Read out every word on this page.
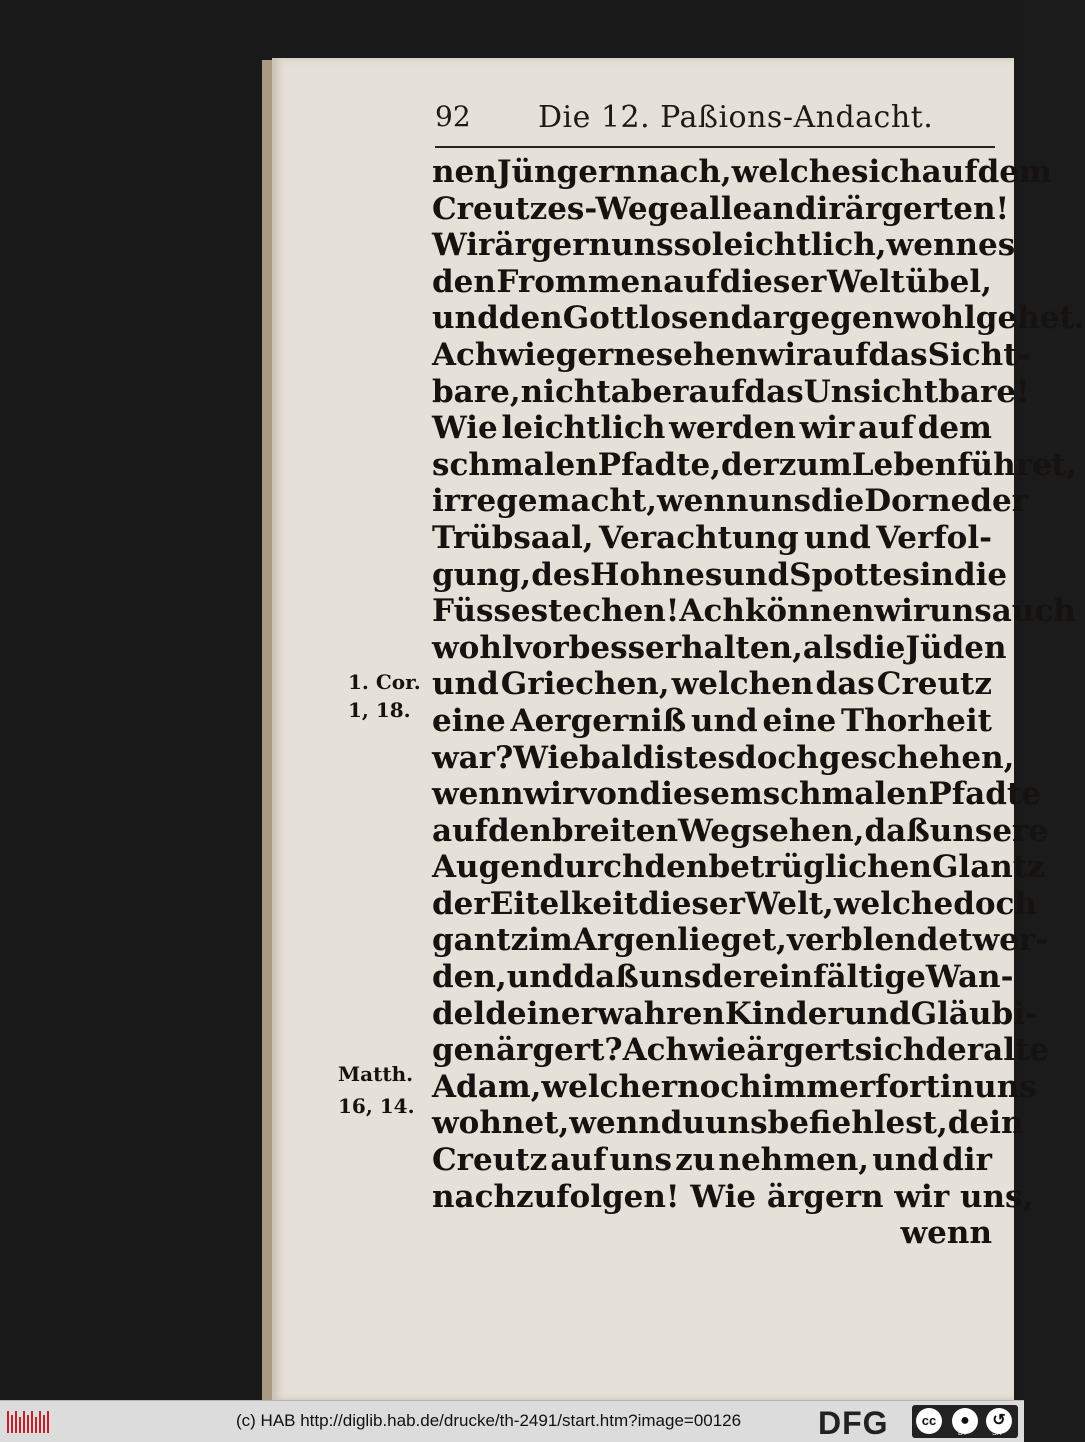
92 Die 12. Paßions-Andacht.
nen Jüngern nach, welche sich auf dem
Creutzes-Wege alle an dir ärgerten!
Wir ärgern uns so leichtlich, wenn es
den Frommen auf dieser Welt übel,
und den Gottlosen dargegen wohl gehet.
Ach wie gerne sehen wir auf das Sicht-
bare, nicht aber auf das Unsichtbare!
Wie leichtlich werden wir auf dem
schmalen Pfadte, der zum Leben führet,
irre gemacht, wenn uns die Dorne der
Trübsaal, Verachtung und Verfol-
gung, des Hohnes und Spottes in die
Füsse stechen! Ach können wir uns auch
wohl vor besser halten, als die Jüden
und Griechen, welchen das Creutz
eine Aergerniß und eine Thorheit
war? Wie bald ist es doch geschehen,
wenn wir von diesem schmalen Pfadte
auf den breiten Weg sehen, daß unsere
Augen durch den betrüglichen Glantz
der Eitelkeit dieser Welt, welche doch
gantz im Argen lieget, verblendet wer-
den, und daß uns der einfältige Wan-
del deiner wahren Kinder und Gläubi-
gen ärgert? Ach wie ärgert sich der alte
Adam, welcher noch immerfort in uns
wohnet, wenn du uns befiehlest, dein
Creutz auf uns zu nehmen, und dir
nachzufolgen! Wie ärgern wir uns,
wenn
1. Cor.
1, 18.
Matth.
16, 14.
(c) HAB http://diglib.hab.de/drucke/th-2491/start.htm?image=00126 DFG	cc	●	↺
BY	SA
